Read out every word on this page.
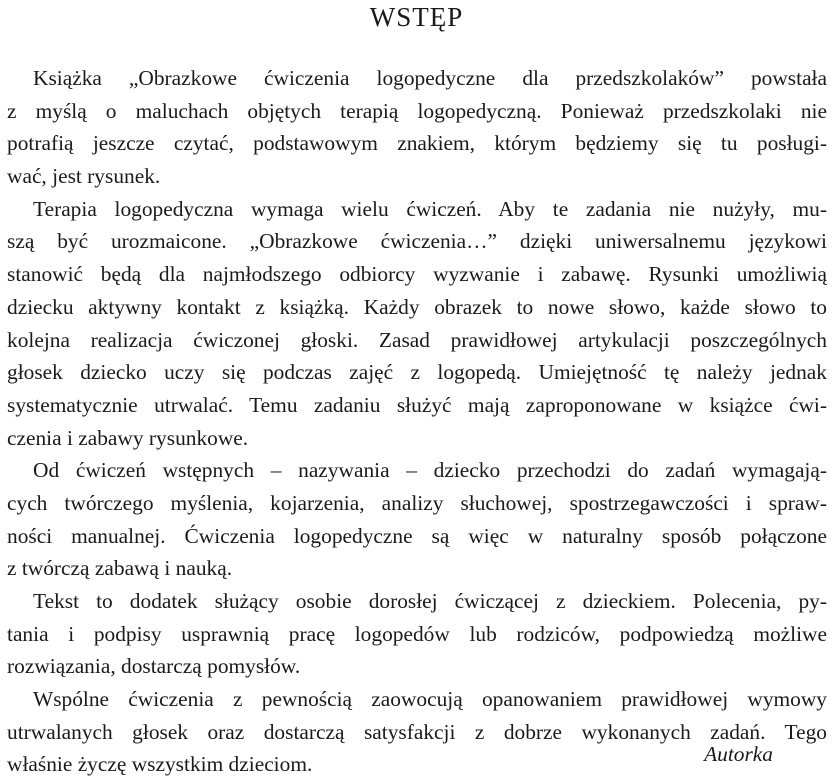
WSTĘP
Książka „Obrazkowe ćwiczenia logopedyczne dla przedszkolaków” powstała
z myślą o maluchach objętych terapią logopedyczną. Ponieważ przedszkolaki nie
potrafią jeszcze czytać, podstawowym znakiem, którym będziemy się tu posługi-
wać, jest rysunek.
Terapia logopedyczna wymaga wielu ćwiczeń. Aby te zadania nie nużyły, mu-
szą być urozmaicone. „Obrazkowe ćwiczenia…” dzięki uniwersalnemu językowi
stanowić będą dla najmłodszego odbiorcy wyzwanie i zabawę. Rysunki umożliwią
dziecku aktywny kontakt z książką. Każdy obrazek to nowe słowo, każde słowo to
kolejna realizacja ćwiczonej głoski. Zasad prawidłowej artykulacji poszczególnych
głosek dziecko uczy się podczas zajęć z logopedą. Umiejętność tę należy jednak
systematycznie utrwalać. Temu zadaniu służyć mają zaproponowane w książce ćwi-
czenia i zabawy rysunkowe.
Od ćwiczeń wstępnych – nazywania – dziecko przechodzi do zadań wymagają-
cych twórczego myślenia, kojarzenia, analizy słuchowej, spostrzegawczości i spraw-
ności manualnej. Ćwiczenia logopedyczne są więc w naturalny sposób połączone
z twórczą zabawą i nauką.
Tekst to dodatek służący osobie dorosłej ćwiczącej z dzieckiem. Polecenia, py-
tania i podpisy usprawnią pracę logopedów lub rodziców, podpowiedzą możliwe
rozwiązania, dostarczą pomysłów.
Wspólne ćwiczenia z pewnością zaowocują opanowaniem prawidłowej wymowy
utrwalanych głosek oraz dostarczą satysfakcji z dobrze wykonanych zadań. Tego
właśnie życzę wszystkim dzieciom.	Autorka
